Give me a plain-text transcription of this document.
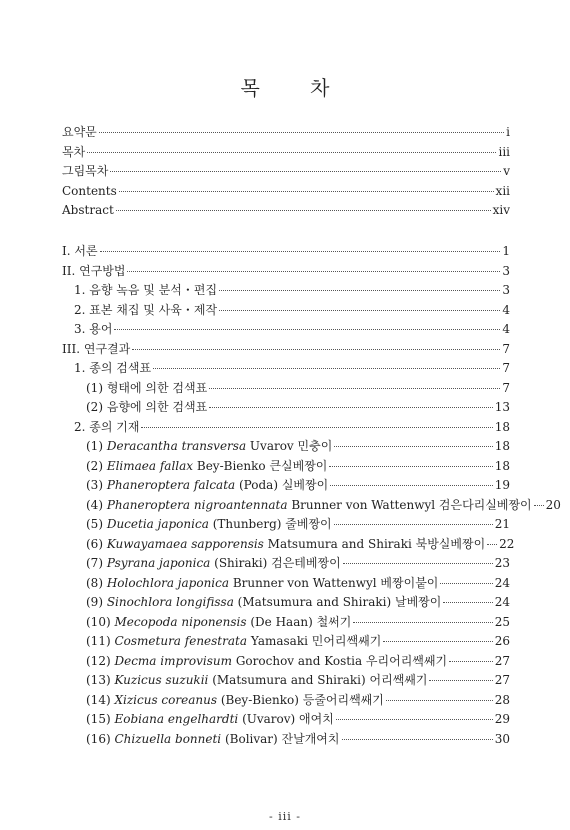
목 차
요약문	i
목차	iii
그림목차	v
Contents	xii
Abstract	xiv
I. 서론	1
II. 연구방법	3
1. 음향 녹음 및 분석・편집	3
2. 표본 채집 및 사육・제작	4
3. 용어	4
III. 연구결과	7
1. 종의 검색표	7
(1) 형태에 의한 검색표	7
(2) 음향에 의한 검색표	13
2. 종의 기재	18
(1) Deracantha transversa Uvarov 민충이	18
(2) Elimaea fallax Bey-Bienko 큰실베짱이	18
(3) Phaneroptera falcata (Poda) 실베짱이	19
(4) Phaneroptera nigroantennata Brunner von Wattenwyl 검은다리실베짱이 20
(5) Ducetia japonica (Thunberg) 줄베짱이	21
(6) Kuwayamaea sapporensis Matsumura and Shiraki 북방실베짱이 22
(7) Psyrana japonica (Shiraki) 검은테베짱이	23
(8) Holochlora japonica Brunner von Wattenwyl 베짱이붙이	24
(9) Sinochlora longifissa (Matsumura and Shiraki) 날베짱이	24
(10) Mecopoda niponensis (De Haan) 철써기	25
(11) Cosmetura fenestrata Yamasaki 민어리쌕쌔기	26
(12) Decma improvisum Gorochov and Kostia 우리어리쌕쌔기	27
(13) Kuzicus suzukii (Matsumura and Shiraki) 어리쌕쌔기	27
(14) Xizicus coreanus (Bey-Bienko) 등줄어리쌕쌔기	28
(15) Eobiana engelhardti (Uvarov) 애여치	29
(16) Chizuella bonneti (Bolivar) 잔날개여치	30
- iii -
